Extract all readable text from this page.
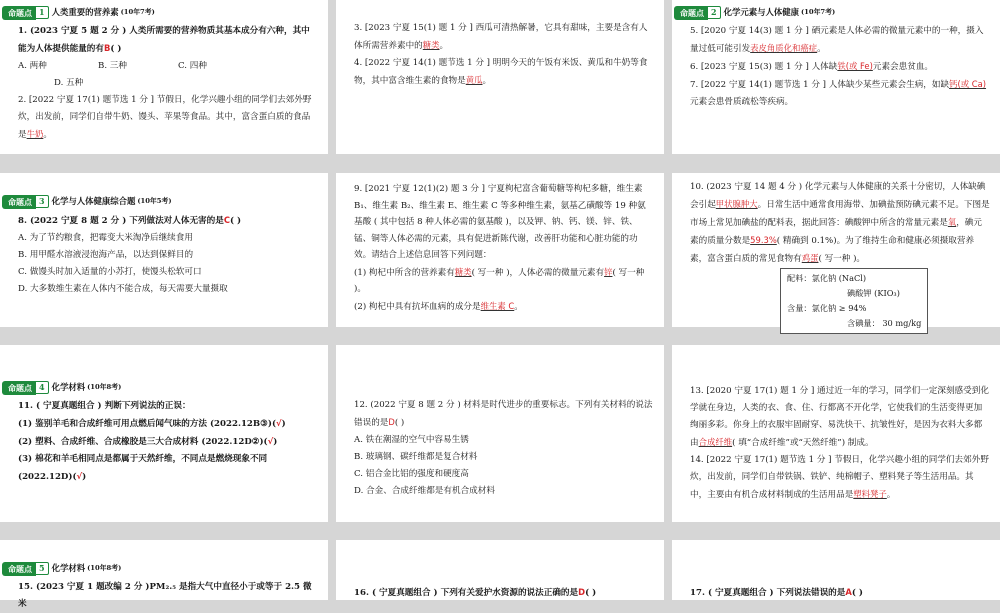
命题点 1 人类重要的营养素 (10年7考)

1. (2023 宁夏 5 题 2 分 ) 人类所需要的营养物质其基本成分有六种，其中能为人体提供能量的有B( )

A. 两种	B. 三种	C. 四种
D. 五种

2. [2022 宁夏 17(1) 题节选 1 分 ] 节假日，化学兴趣小组的同学们去郊外野炊，出发前，同学们自带牛奶、馒头、苹果等食品。其中，富含蛋白质的食品是牛奶。

3. [2023 宁夏 15(1) 题 1 分 ] 西瓜可清热解暑，它具有甜味，主要是含有人体所需营养素中的糖类。

4. [2022 宁夏 14(1) 题节选 1 分 ] 明明今天的午饭有米饭、黄瓜和牛奶等食物，其中富含维生素的食物是黄瓜。

命题点 2 化学元素与人体健康 (10年7考)

5. [2020 宁夏 14(3) 题 1 分 ] 硒元素是人体必需的微量元素中的一种，摄入量过低可能引发表皮角质化和癌症。

6. [2023 宁夏 15(3) 题 1 分 ] 人体缺铁(或 Fe)元素会患贫血。

7. [2022 宁夏 14(1) 题节选 1 分 ] 人体缺少某些元素会生病，如缺钙(或 Ca)元素会患骨质疏松等疾病。

命题点 3 化学与人体健康综合题 (10年5考)

8. (2022 宁夏 8 题 2 分 ) 下列做法对人体无害的是C( )

A. 为了节约粮食，把霉变大米淘净后继续食用

B. 用甲醛水溶液浸泡海产品，以达到保鲜目的

C. 做馒头时加入适量的小苏打，使馒头松软可口

D. 大多数维生素在人体内不能合成，每天需要大量摄取

9. [2021 宁夏 12(1)(2) 题 3 分 ] 宁夏枸杞富含葡萄糖等枸杞多糖，维生素 B₁、维生素 B₂、维生素 E、维生素 C 等多种维生素，氨基乙磺酸等 19 种氨基酸 ( 其中包括 8 种人体必需的氨基酸 )，以及钾、钠、钙、镁、锌、铁、锰、铜等人体必需的元素，具有促进新陈代谢，改善肝功能和心脏功能的功效。请结合上述信息回答下列问题：

(1) 枸杞中所含的营养素有糖类( 写一种 )，人体必需的微量元素有锌( 写一种 )。

(2) 枸杞中具有抗坏血病的成分是维生素 C。

10. (2023 宁夏 14 题 4 分 ) 化学元素与人体健康的关系十分密切，人体缺碘会引起甲状腺肿大。日常生活中通常食用海带、加碘盐预防碘元素不足。下图是市场上常见加碘盐的配料表，据此回答：碘酸钾中所含的常量元素是氧，碘元素的质量分数是59.3%( 精确到 0.1%)。为了维持生命和健康必须摄取营养素，富含蛋白质的常见食物有鸡蛋( 写一种 )。

配料：氯化钠 (NaCl)
碘酸钾 (KIO₃)
含量：氯化钠 ≥ 94%
含碘量： 30 mg/kg
命题点 4 化学材料 (10年8考)

11. ( 宁夏真题组合 ) 判断下列说法的正误：

(1) 鉴别羊毛和合成纤维可用点燃后闻气味的方法 (2022.12B③)(√)

(2) 塑料、合成纤维、合成橡胶是三大合成材料 (2022.12D②)(√)

(3) 棉花和羊毛相同点是都属于天然纤维，不同点是燃烧现象不同 (2022.12D)(√)

12. (2022 宁夏 8 题 2 分 ) 材料是时代进步的重要标志。下列有关材料的说法错误的是D( )

A. 铁在潮湿的空气中容易生锈

B. 玻璃钢、碳纤维都是复合材料

C. 铝合金比铝的强度和硬度高

D. 合金、合成纤维都是有机合成材料

13. [2020 宁夏 17(1) 题 1 分 ] 通过近一年的学习，同学们一定深刻感受到化学就在身边，人类的衣、食、住、行都离不开化学，它使我们的生活变得更加绚丽多彩。你身上的衣服牢固耐穿、易洗快干、抗皱性好，是因为衣料大多都由合成纤维( 填“合成纤维”或“天然纤维”) 制成。

14. [2022 宁夏 17(1) 题节选 1 分 ] 节假日，化学兴趣小组的同学们去郊外野炊，出发前，同学们自带铁锅、铁铲、纯棉帽子、塑料凳子等生活用品。其中，主要由有机合成材料制成的生活用品是塑料凳子。

命题点 5 化学材料 (10年8考)

15. (2023 宁夏 1 题改编 2 分 )PM₂.₅ 是指大气中直径小于或等于 2.5 微米

16. ( 宁夏真题组合 ) 下列有关爱护水资源的说法正确的是D( )	17. ( 宁夏真题组合 ) 下列说法错误的是A( )
